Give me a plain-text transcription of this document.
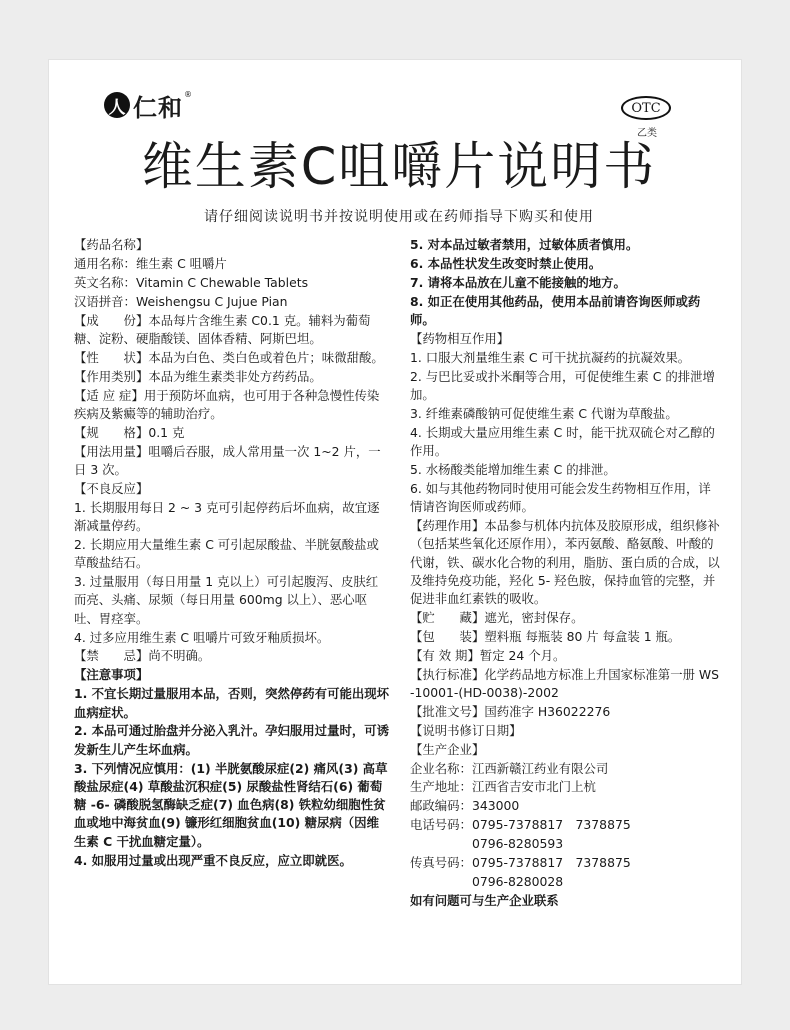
人 仁和 ®
OTC
乙类
维生素C咀嚼片说明书
请仔细阅读说明书并按说明使用或在药师指导下购买和使用

【药品名称】

通用名称：维生素 C 咀嚼片

英文名称：Vitamin C Chewable Tablets

汉语拼音：Weishengsu C Jujue Pian

【成　　份】本品每片含维生素 C0.1 克。辅料为葡萄糖、淀粉、硬脂酸镁、固体香精、阿斯巴坦。

【性　　状】本品为白色、类白色或着色片；味微甜酸。

【作用类别】本品为维生素类非处方药药品。

【适 应 症】用于预防坏血病，也可用于各种急慢性传染疾病及紫癜等的辅助治疗。

【规　　格】0.1 克

【用法用量】咀嚼后吞服，成人常用量一次 1~2 片，一日 3 次。

【不良反应】

1. 长期服用每日 2 ~ 3 克可引起停药后坏血病，故宜逐渐减量停药。

2. 长期应用大量维生素 C 可引起尿酸盐、半胱氨酸盐或草酸盐结石。

3. 过量服用（每日用量 1 克以上）可引起腹泻、皮肤红而亮、头痛、尿频（每日用量 600mg 以上）、恶心呕吐、胃痉挛。

4. 过多应用维生素 C 咀嚼片可致牙釉质损坏。

【禁　　忌】尚不明确。

【注意事项】

1. 不宜长期过量服用本品，否则，突然停药有可能出现坏血病症状。

2. 本品可通过胎盘并分泌入乳汁。孕妇服用过量时，可诱发新生儿产生坏血病。

3. 下列情况应慎用：(1) 半胱氨酸尿症(2) 痛风(3) 高草酸盐尿症(4) 草酸盐沉积症(5) 尿酸盐性肾结石(6) 葡萄糖 -6- 磷酸脱氢酶缺乏症(7) 血色病(8) 铁粒幼细胞性贫血或地中海贫血(9) 镰形红细胞贫血(10) 糖尿病（因维生素 C 干扰血糖定量）。

4. 如服用过量或出现严重不良反应，应立即就医。

5. 对本品过敏者禁用，过敏体质者慎用。

6. 本品性状发生改变时禁止使用。

7. 请将本品放在儿童不能接触的地方。

8. 如正在使用其他药品，使用本品前请咨询医师或药师。

【药物相互作用】

1. 口服大剂量维生素 C 可干扰抗凝药的抗凝效果。

2. 与巴比妥或扑米酮等合用，可促使维生素 C 的排泄增加。

3. 纤维素磷酸钠可促使维生素 C 代谢为草酸盐。

4. 长期或大量应用维生素 C 时，能干扰双硫仑对乙醇的作用。

5. 水杨酸类能增加维生素 C 的排泄。

6. 如与其他药物同时使用可能会发生药物相互作用，详情请咨询医师或药师。

【药理作用】本品参与机体内抗体及胶原形成，组织修补（包括某些氧化还原作用），苯丙氨酸、酪氨酸、叶酸的代谢，铁、碳水化合物的利用，脂肪、蛋白质的合成，以及维持免疫功能，羟化 5- 羟色胺，保持血管的完整，并促进非血红素铁的吸收。

【贮　　藏】遮光，密封保存。

【包　　装】塑料瓶 每瓶装 80 片 每盒装 1 瓶。

【有 效 期】暂定 24 个月。

【执行标准】化学药品地方标准上升国家标准第一册 WS-10001-(HD-0038)-2002

【批准文号】国药准字 H36022276

【说明书修订日期】

【生产企业】

企业名称：江西新赣江药业有限公司

生产地址：江西省吉安市北门上杭

邮政编码：343000

电话号码：0795-7378817　7378875

　　　　　0796-8280593

传真号码：0795-7378817　7378875

　　　　　0796-8280028

如有问题可与生产企业联系
